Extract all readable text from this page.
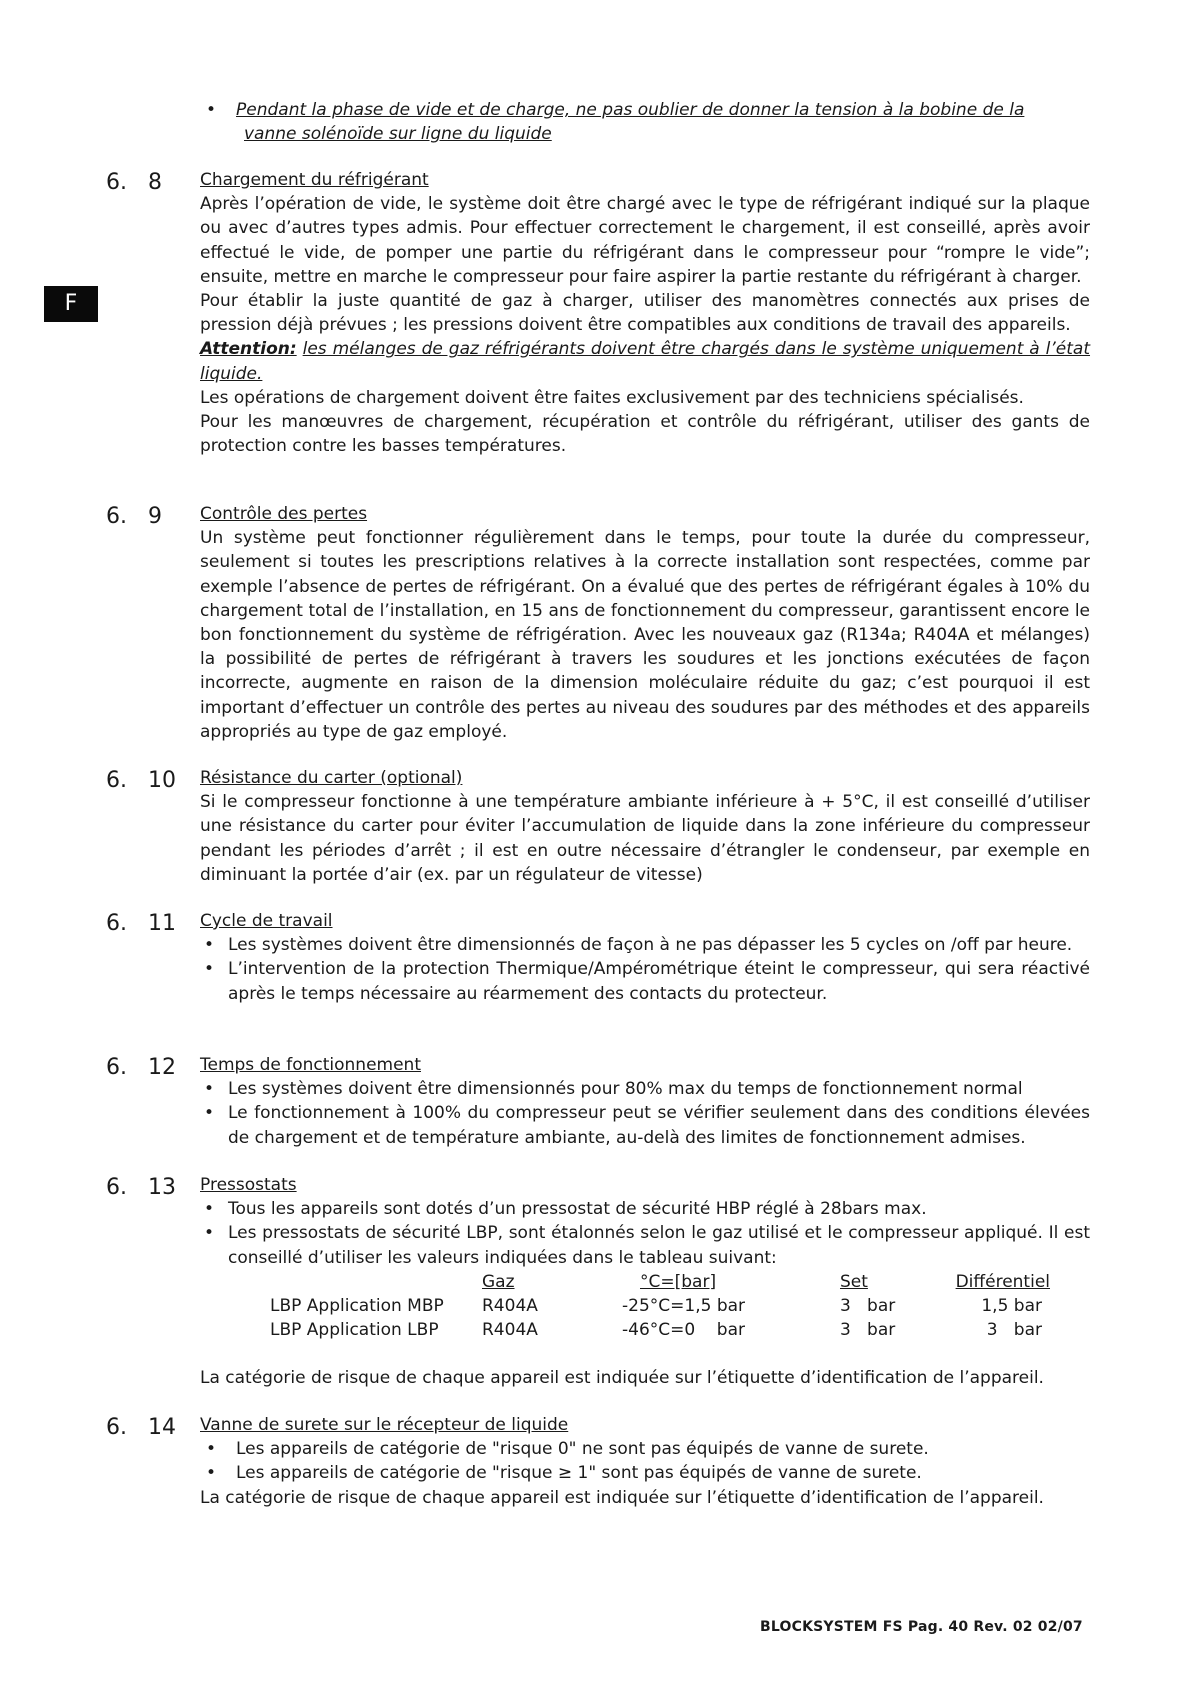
F
•	Pendant la phase de vide et de charge, ne pas oublier de donner la tension à la bobine de la
vanne solénoïde sur ligne du liquide
6. 8 Chargement du réfrigérant

Après l’opération de vide, le système doit être chargé avec le type de réfrigérant indiqué sur la plaque ou avec d’autres types admis. Pour effectuer correctement le chargement, il est conseillé, après avoir effectué le vide, de pomper une partie du réfrigérant dans le compresseur pour “rompre le vide”; ensuite, mettre en marche le compresseur pour faire aspirer la partie restante du réfrigérant à charger.

Pour établir la juste quantité de gaz à charger, utiliser des manomètres connectés aux prises de pression déjà prévues ; les pressions doivent être compatibles aux conditions de travail des appareils.

Attention: les mélanges de gaz réfrigérants doivent être chargés dans le système uniquement à l’état liquide.

Les opérations de chargement doivent être faites exclusivement par des techniciens spécialisés.

Pour les manœuvres de chargement, récupération et contrôle du réfrigérant, utiliser des gants de protection contre les basses températures.

6. 9 Contrôle des pertes

Un système peut fonctionner régulièrement dans le temps, pour toute la durée du compresseur, seulement si toutes les prescriptions relatives à la correcte installation sont respectées, comme par exemple l’absence de pertes de réfrigérant. On a évalué que des pertes de réfrigérant égales à 10% du chargement total de l’installation, en 15 ans de fonctionnement du compresseur, garantissent encore le bon fonctionnement du système de réfrigération. Avec les nouveaux gaz (R134a; R404A et mélanges) la possibilité de pertes de réfrigérant à travers les soudures et les jonctions exécutées de façon incorrecte, augmente en raison de la dimension moléculaire réduite du gaz; c’est pourquoi il est important d’effectuer un contrôle des pertes au niveau des soudures par des méthodes et des appareils appropriés au type de gaz employé.

6. 10 Résistance du carter (optional)

Si le compresseur fonctionne à une température ambiante inférieure à + 5°C, il est conseillé d’utiliser une résistance du carter pour éviter l’accumulation de liquide dans la zone inférieure du compresseur pendant les périodes d’arrêt ; il est en outre nécessaire d’étrangler le condenseur, par exemple en diminuant la portée d’air (ex. par un régulateur de vitesse)

6. 11 Cycle de travail

• Les systèmes doivent être dimensionnés de façon à ne pas dépasser les 5 cycles on /off par heure.
• L’intervention de la protection Thermique/Ampérométrique éteint le compresseur, qui sera réactivé après le temps nécessaire au réarmement des contacts du protecteur.
6. 12 Temps de fonctionnement

• Les systèmes doivent être dimensionnés pour 80% max du temps de fonctionnement normal
• Le fonctionnement à 100% du compresseur peut se vérifier seulement dans des conditions élevées de chargement et de température ambiante, au-delà des limites de fonctionnement admises.
6. 13 Pressostats

• Tous les appareils sont dotés d’un pressostat de sécurité HBP réglé à 28bars max.
• Les pressostats de sécurité LBP, sont étalonnés selon le gaz utilisé et le compresseur appliqué. Il est conseillé d’utiliser les valeurs indiquées dans le tableau suivant:
	Gaz	°C=[bar]	Set	Différentiel
LBP Application MBP	R404A	-25°C=1,5 bar	3   bar	1,5 bar
LBP Application LBP	R404A	-46°C=0    bar	3   bar	3   bar

La catégorie de risque de chaque appareil est indiquée sur l’étiquette d’identification de l’appareil.

6. 14 Vanne de surete sur le récepteur de liquide

• Les appareils de catégorie de "risque 0" ne sont pas équipés de vanne de surete.
• Les appareils de catégorie de "risque ≥ 1" sont pas équipés de vanne de surete.

La catégorie de risque de chaque appareil est indiquée sur l’étiquette d’identification de l’appareil.

BLOCKSYSTEM FS Pag. 40 Rev. 02 02/07
